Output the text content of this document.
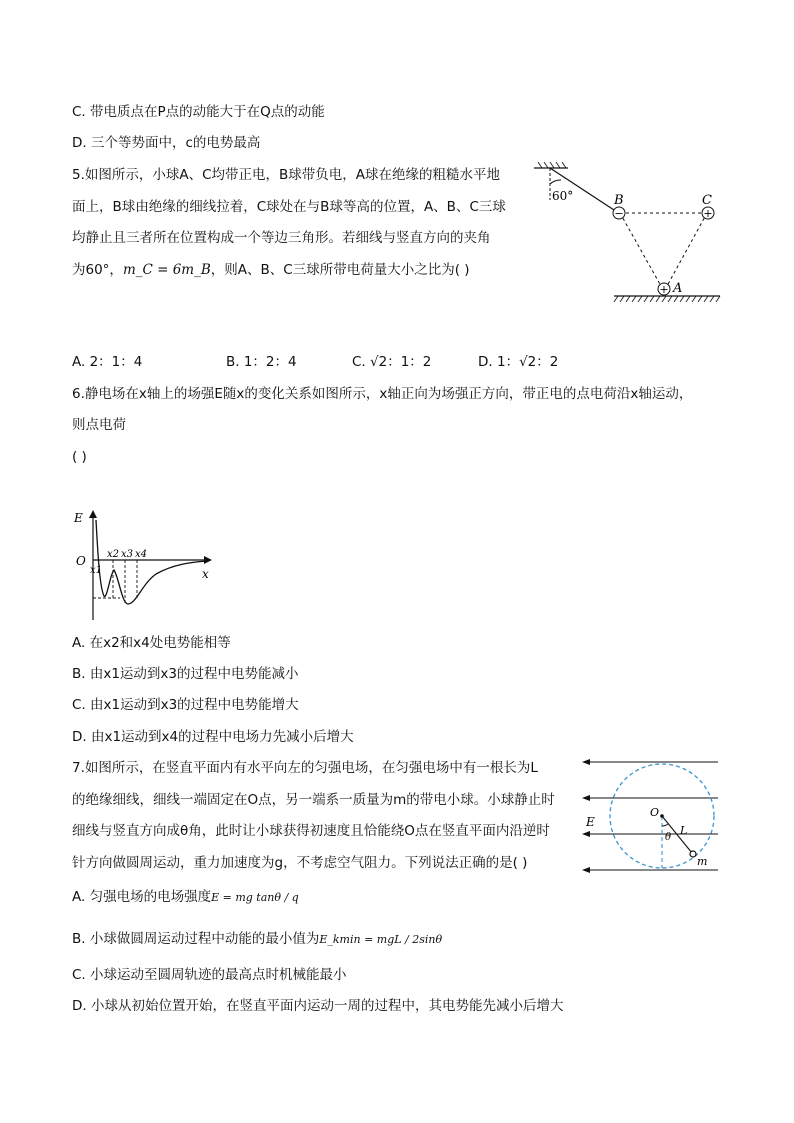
C. 带电质点在P点的动能大于在Q点的动能
D. 三个等势面中，c的电势最高
5.如图所示，小球A、C均带正电，B球带负电，A球在绝缘的粗糙水平地
面上，B球由绝缘的细线拉着，C球处在与B球等高的位置，A、B、C三球
均静止且三者所在位置构成一个等边三角形。若细线与竖直方向的夹角
为60°，m_C = 6m_B，则A、B、C三球所带电荷量大小之比为( )
60°
−	+
+
B	C
A
A. 2：1：4	B. 1：2：4	C. √2：1：2	D. 1：√2：2
6.静电场在x轴上的场强E随x的变化关系如图所示，x轴正向为场强正方向，带正电的点电荷沿x轴运动，
则点电荷
( )
E
O
x
x1
x2 x3 x4
A. 在x2和x4处电势能相等
B. 由x1运动到x3的过程中电势能减小
C. 由x1运动到x3的过程中电势能增大
D. 由x1运动到x4的过程中电场力先减小后增大
7.如图所示，在竖直平面内有水平向左的匀强电场，在匀强电场中有一根长为L
的绝缘细线，细线一端固定在O点，另一端系一质量为m的带电小球。小球静止时
细线与竖直方向成θ角，此时让小球获得初速度且恰能绕O点在竖直平面内沿逆时
针方向做圆周运动，重力加速度为g，不考虑空气阻力。下列说法正确的是( )
O
L
θ
m
E
A. 匀强电场的电场强度E = mg tanθ / q
B. 小球做圆周运动过程中动能的最小值为E_kmin = mgL / 2sinθ
C. 小球运动至圆周轨迹的最高点时机械能最小
D. 小球从初始位置开始，在竖直平面内运动一周的过程中，其电势能先减小后增大
